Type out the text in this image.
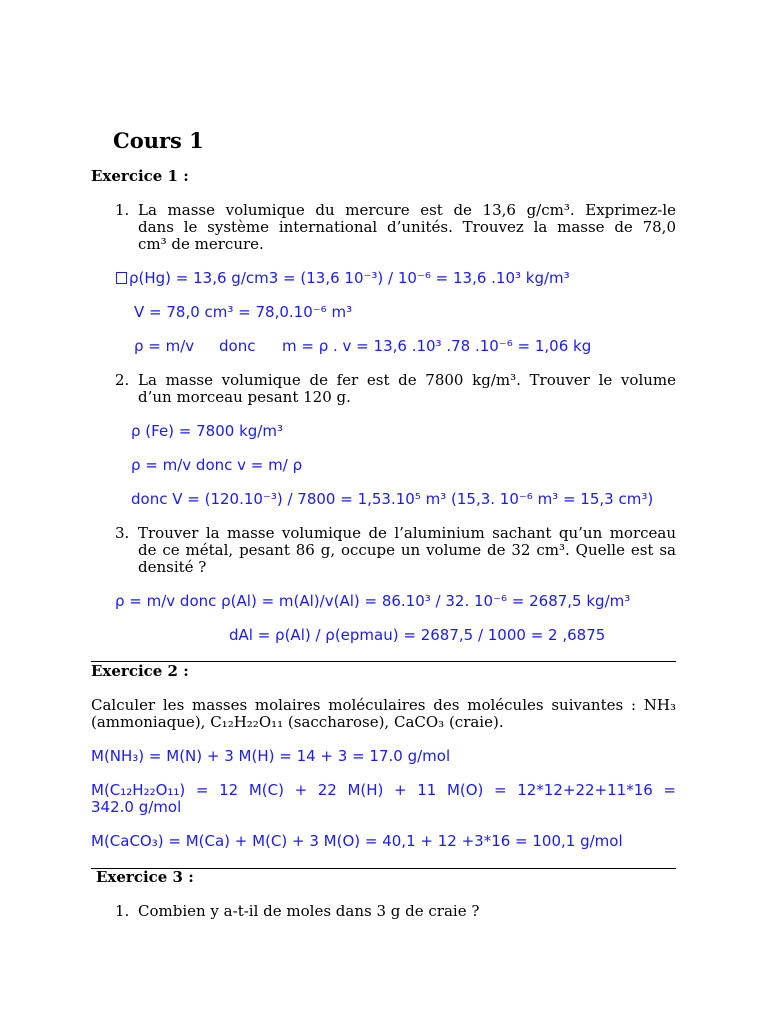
Cours 1
Exercice 1 :
1. La masse volumique du mercure est de 13,6 g/cm³. Exprimez-le
dans le système international d’unités. Trouvez la masse de 78,0
cm³ de mercure.
ρ(Hg) = 13,6 g/cm3 = (13,6 10⁻³) / 10⁻⁶ = 13,6 .10³ kg/m³
V = 78,0 cm³ = 78,0.10⁻⁶ m³
ρ = m/v donc m = ρ . v = 13,6 .10³ .78 .10⁻⁶ = 1,06 kg
2. La masse volumique de fer est de 7800 kg/m³. Trouver le volume
d’un morceau pesant 120 g.
ρ (Fe) = 7800 kg/m³
ρ = m/v donc v = m/ ρ
donc V = (120.10⁻³) / 7800 = 1,53.10⁵ m³ (15,3. 10⁻⁶ m³ = 15,3 cm³)
3. Trouver la masse volumique de l’aluminium sachant qu’un morceau
de ce métal, pesant 86 g, occupe un volume de 32 cm³. Quelle est sa
densité ?
ρ = m/v donc ρ(Al) = m(Al)/v(Al) = 86.10³ / 32. 10⁻⁶ = 2687,5 kg/m³
dAl = ρ(Al) / ρ(epmau) = 2687,5 / 1000 = 2 ,6875
Exercice 2 :
Calculer les masses molaires moléculaires des molécules suivantes : NH₃
(ammoniaque), C₁₂H₂₂O₁₁ (saccharose), CaCO₃ (craie).
M(NH₃) = M(N) + 3 M(H) = 14 + 3 = 17.0 g/mol
M(C₁₂H₂₂O₁₁) = 12 M(C) + 22 M(H) + 11 M(O) = 12*12+22+11*16 =
342.0 g/mol
M(CaCO₃) = M(Ca) + M(C) + 3 M(O) = 40,1 + 12 +3*16 = 100,1 g/mol
Exercice 3 :
1. Combien y a-t-il de moles dans 3 g de craie ?
